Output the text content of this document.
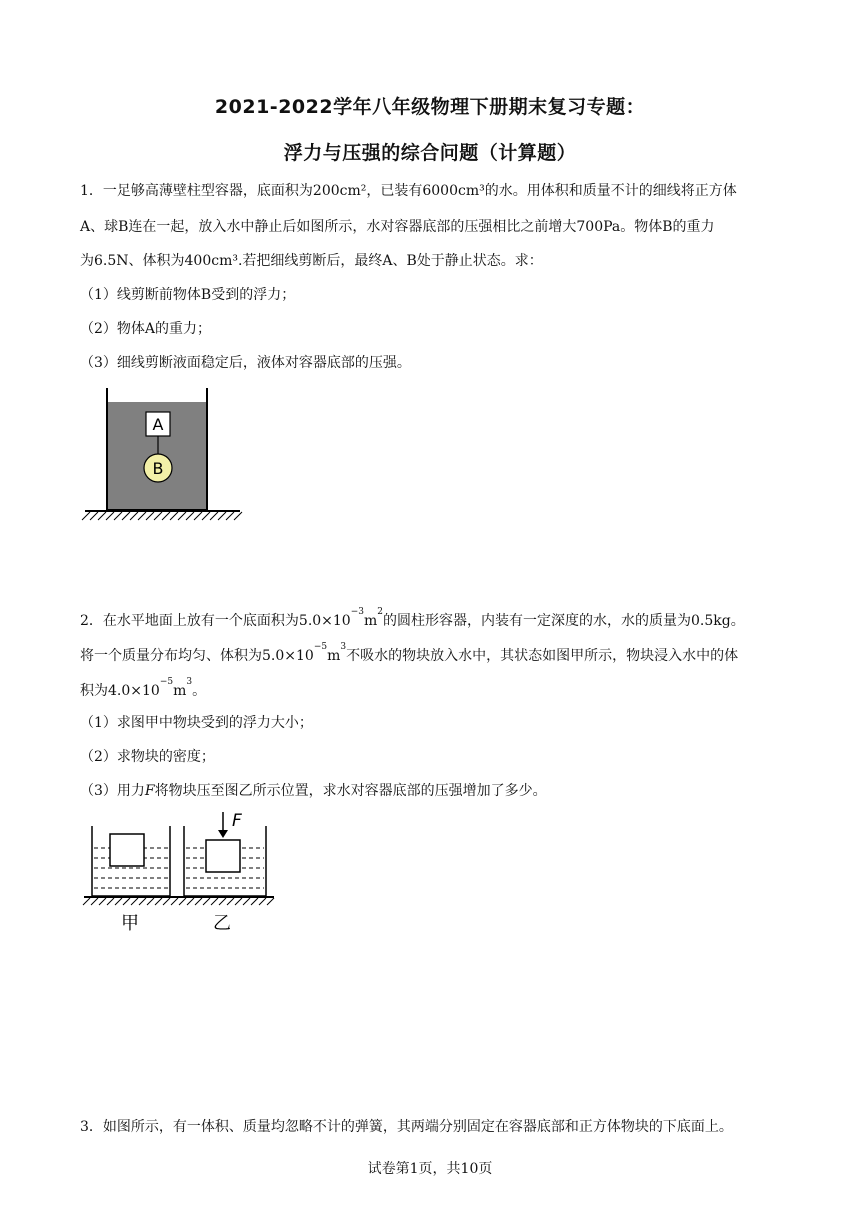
2021-2022学年八年级物理下册期末复习专题：
浮力与压强的综合问题（计算题）
1．一足够高薄壁柱型容器，底面积为200cm²，已装有6000cm³的水。用体积和质量不计的细线将正方体
A、球B连在一起，放入水中静止后如图所示，水对容器底部的压强相比之前增大700Pa。物体B的重力
为6.5N、体积为400cm³.若把细线剪断后，最终A、B处于静止状态。求：
（1）线剪断前物体B受到的浮力；
（2）物体A的重力；
（3）细线剪断液面稳定后，液体对容器底部的压强。
A
B
2．在水平地面上放有一个底面积为$5.0\times 10^{-3}m^2$的圆柱形容器，内装有一定深度的水，水的质量为0.5kg。
将一个质量分布均匀、体积为$5.0\times 10^{-5}m^3$不吸水的物块放入水中，其状态如图甲所示，物块浸入水中的体
积为$4.0\times 10^{-5}m^3$。
（1）求图甲中物块受到的浮力大小；
（2）求物块的密度；
（3）用力F将物块压至图乙所示位置，求水对容器底部的压强增加了多少。
F
甲	乙
3．如图所示，有一体积、质量均忽略不计的弹簧，其两端分别固定在容器底部和正方体物块的下底面上。
试卷第1页，共10页
